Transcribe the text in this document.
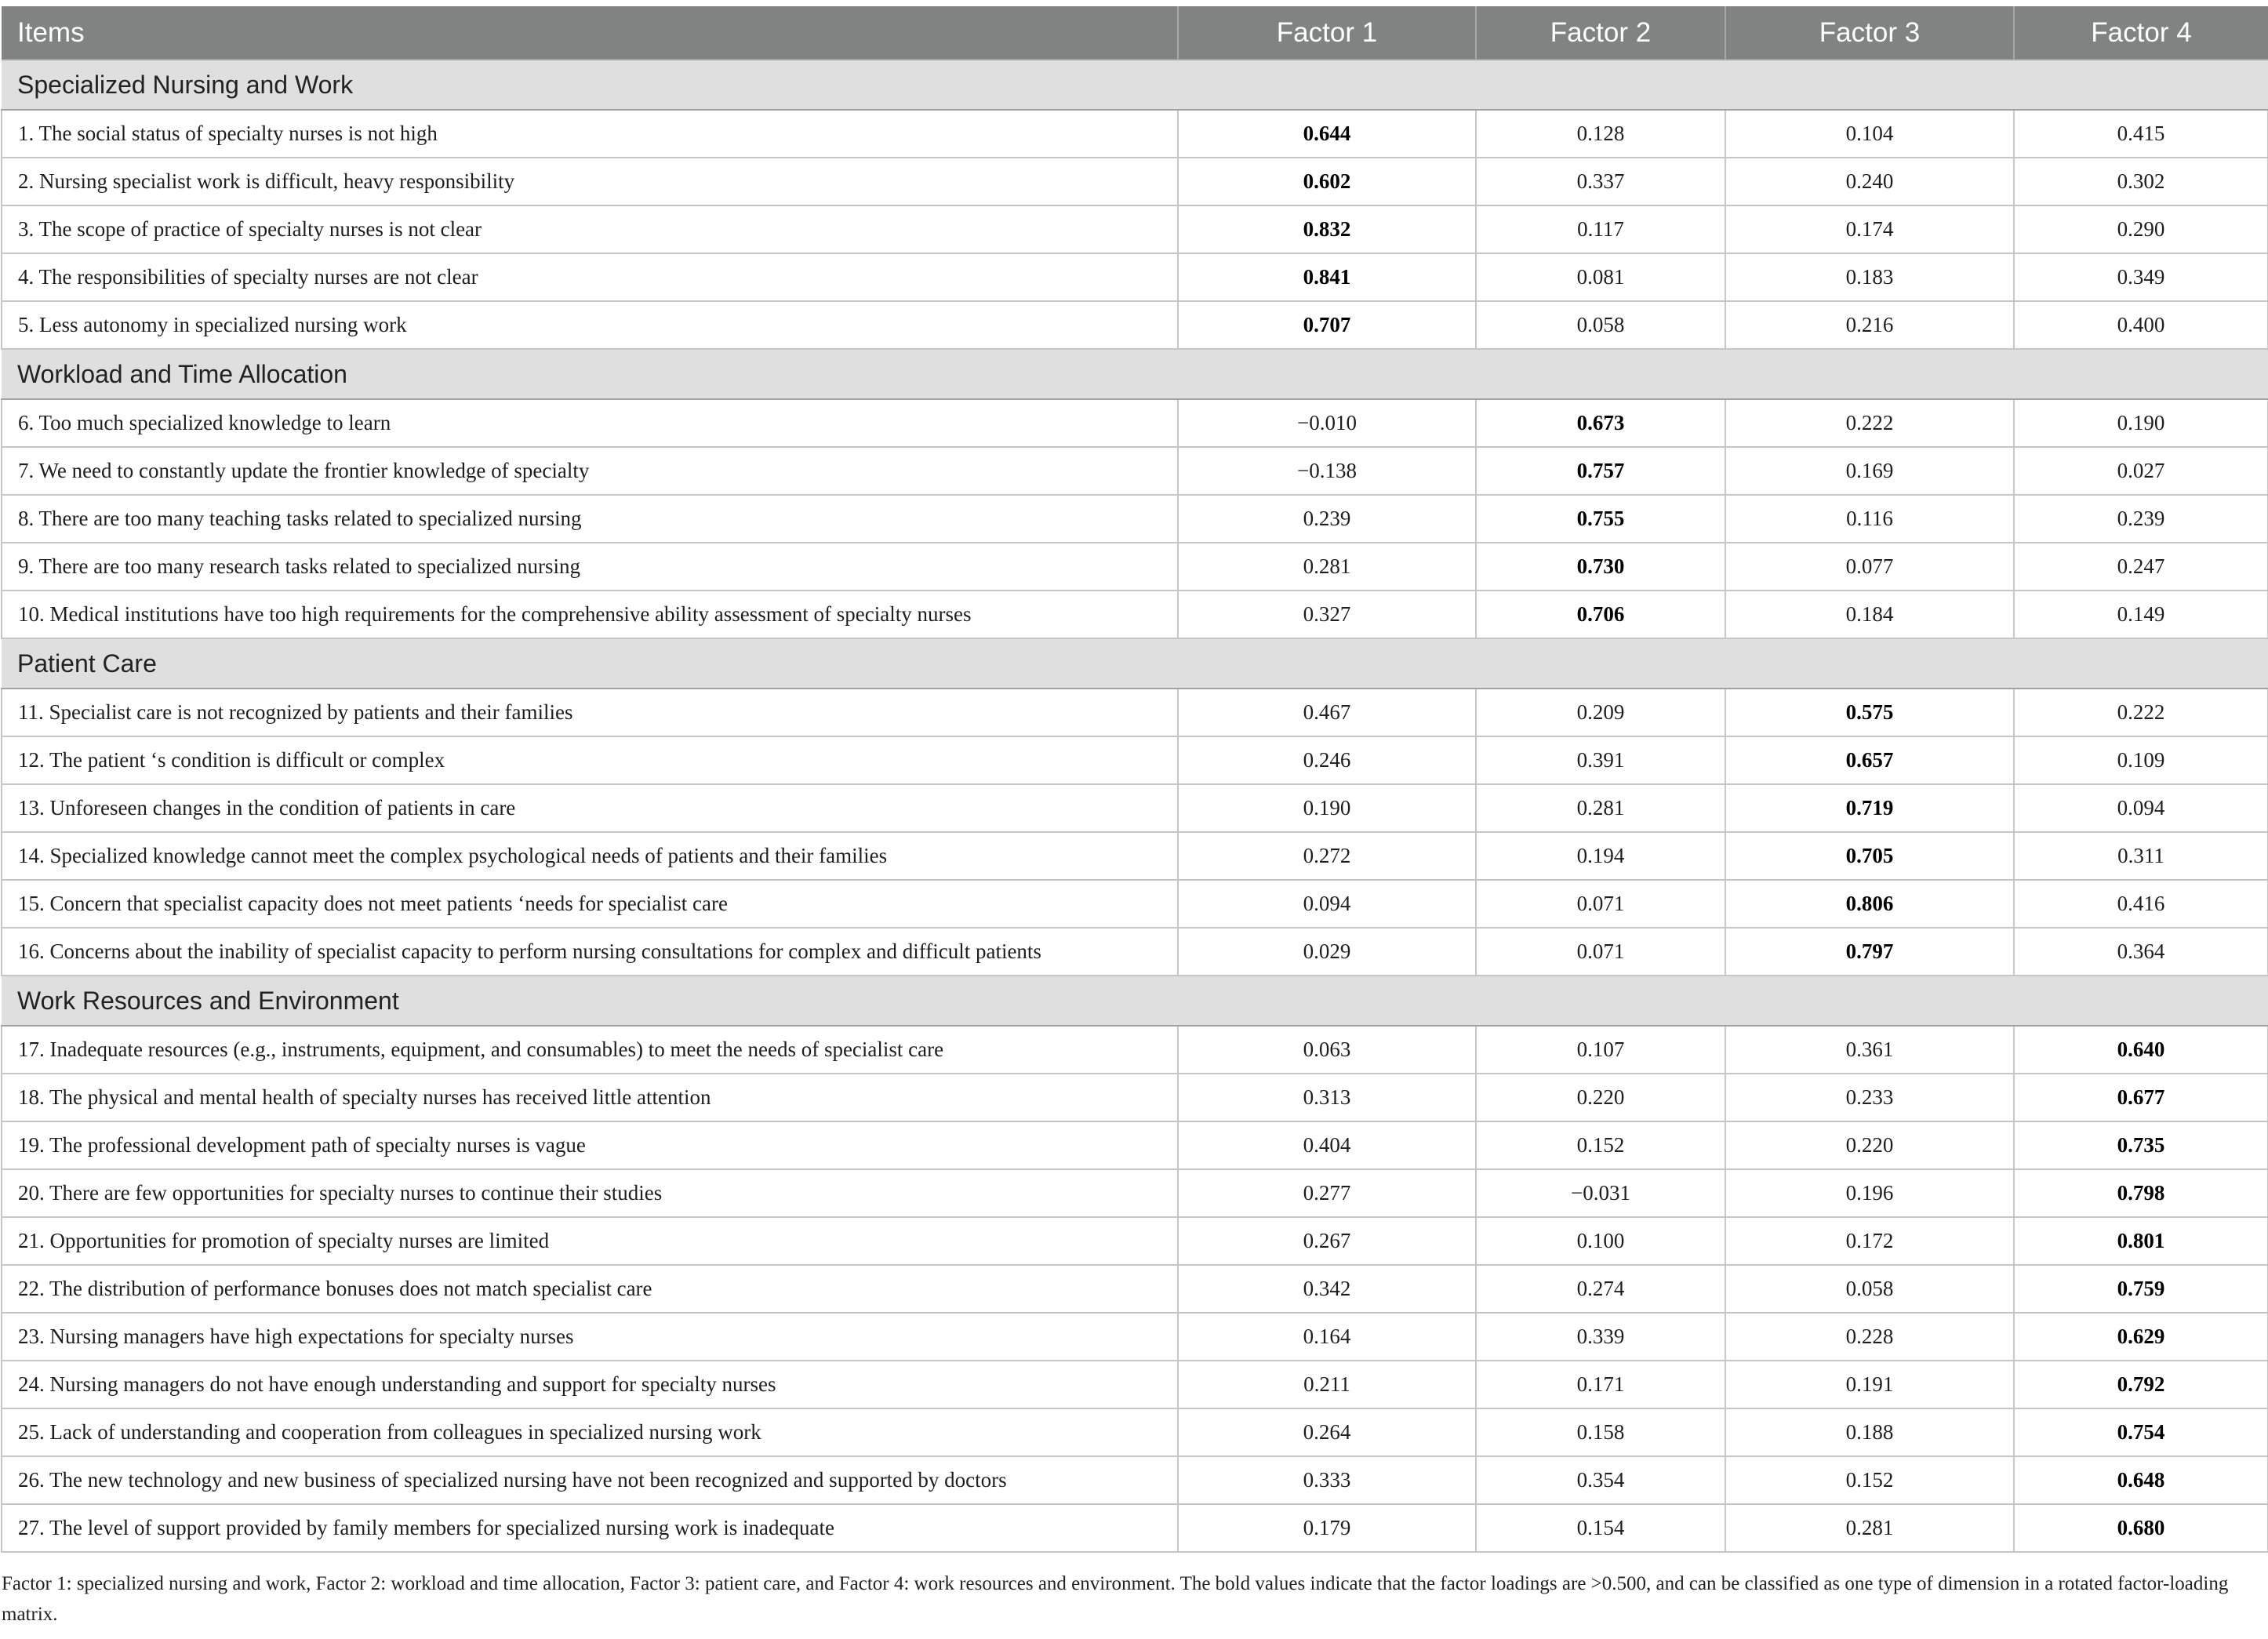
Items	Factor 1	Factor 2	Factor 3	Factor 4
Specialized Nursing and Work				
1. The social status of specialty nurses is not high	0.644	0.128	0.104	0.415
2. Nursing specialist work is difficult, heavy responsibility	0.602	0.337	0.240	0.302
3. The scope of practice of specialty nurses is not clear	0.832	0.117	0.174	0.290
4. The responsibilities of specialty nurses are not clear	0.841	0.081	0.183	0.349
5. Less autonomy in specialized nursing work	0.707	0.058	0.216	0.400
Workload and Time Allocation				
6. Too much specialized knowledge to learn	−0.010	0.673	0.222	0.190
7. We need to constantly update the frontier knowledge of specialty	−0.138	0.757	0.169	0.027
8. There are too many teaching tasks related to specialized nursing	0.239	0.755	0.116	0.239
9. There are too many research tasks related to specialized nursing	0.281	0.730	0.077	0.247
10. Medical institutions have too high requirements for the comprehensive ability assessment of specialty nurses	0.327	0.706	0.184	0.149
Patient Care				
11. Specialist care is not recognized by patients and their families	0.467	0.209	0.575	0.222
12. The patient ‘s condition is difficult or complex	0.246	0.391	0.657	0.109
13. Unforeseen changes in the condition of patients in care	0.190	0.281	0.719	0.094
14. Specialized knowledge cannot meet the complex psychological needs of patients and their families	0.272	0.194	0.705	0.311
15. Concern that specialist capacity does not meet patients ‘needs for specialist care	0.094	0.071	0.806	0.416
16. Concerns about the inability of specialist capacity to perform nursing consultations for complex and difficult patients	0.029	0.071	0.797	0.364
Work Resources and Environment				
17. Inadequate resources (e.g., instruments, equipment, and consumables) to meet the needs of specialist care	0.063	0.107	0.361	0.640
18. The physical and mental health of specialty nurses has received little attention	0.313	0.220	0.233	0.677
19. The professional development path of specialty nurses is vague	0.404	0.152	0.220	0.735
20. There are few opportunities for specialty nurses to continue their studies	0.277	−0.031	0.196	0.798
21. Opportunities for promotion of specialty nurses are limited	0.267	0.100	0.172	0.801
22. The distribution of performance bonuses does not match specialist care	0.342	0.274	0.058	0.759
23. Nursing managers have high expectations for specialty nurses	0.164	0.339	0.228	0.629
24. Nursing managers do not have enough understanding and support for specialty nurses	0.211	0.171	0.191	0.792
25. Lack of understanding and cooperation from colleagues in specialized nursing work	0.264	0.158	0.188	0.754
26. The new technology and new business of specialized nursing have not been recognized and supported by doctors	0.333	0.354	0.152	0.648
27. The level of support provided by family members for specialized nursing work is inadequate	0.179	0.154	0.281	0.680
Factor 1: specialized nursing and work, Factor 2: workload and time allocation, Factor 3: patient care, and Factor 4: work resources and environment. The bold values indicate that the factor loadings are >0.500, and can be classified as one type of dimension in a rotated factor-loading matrix.
